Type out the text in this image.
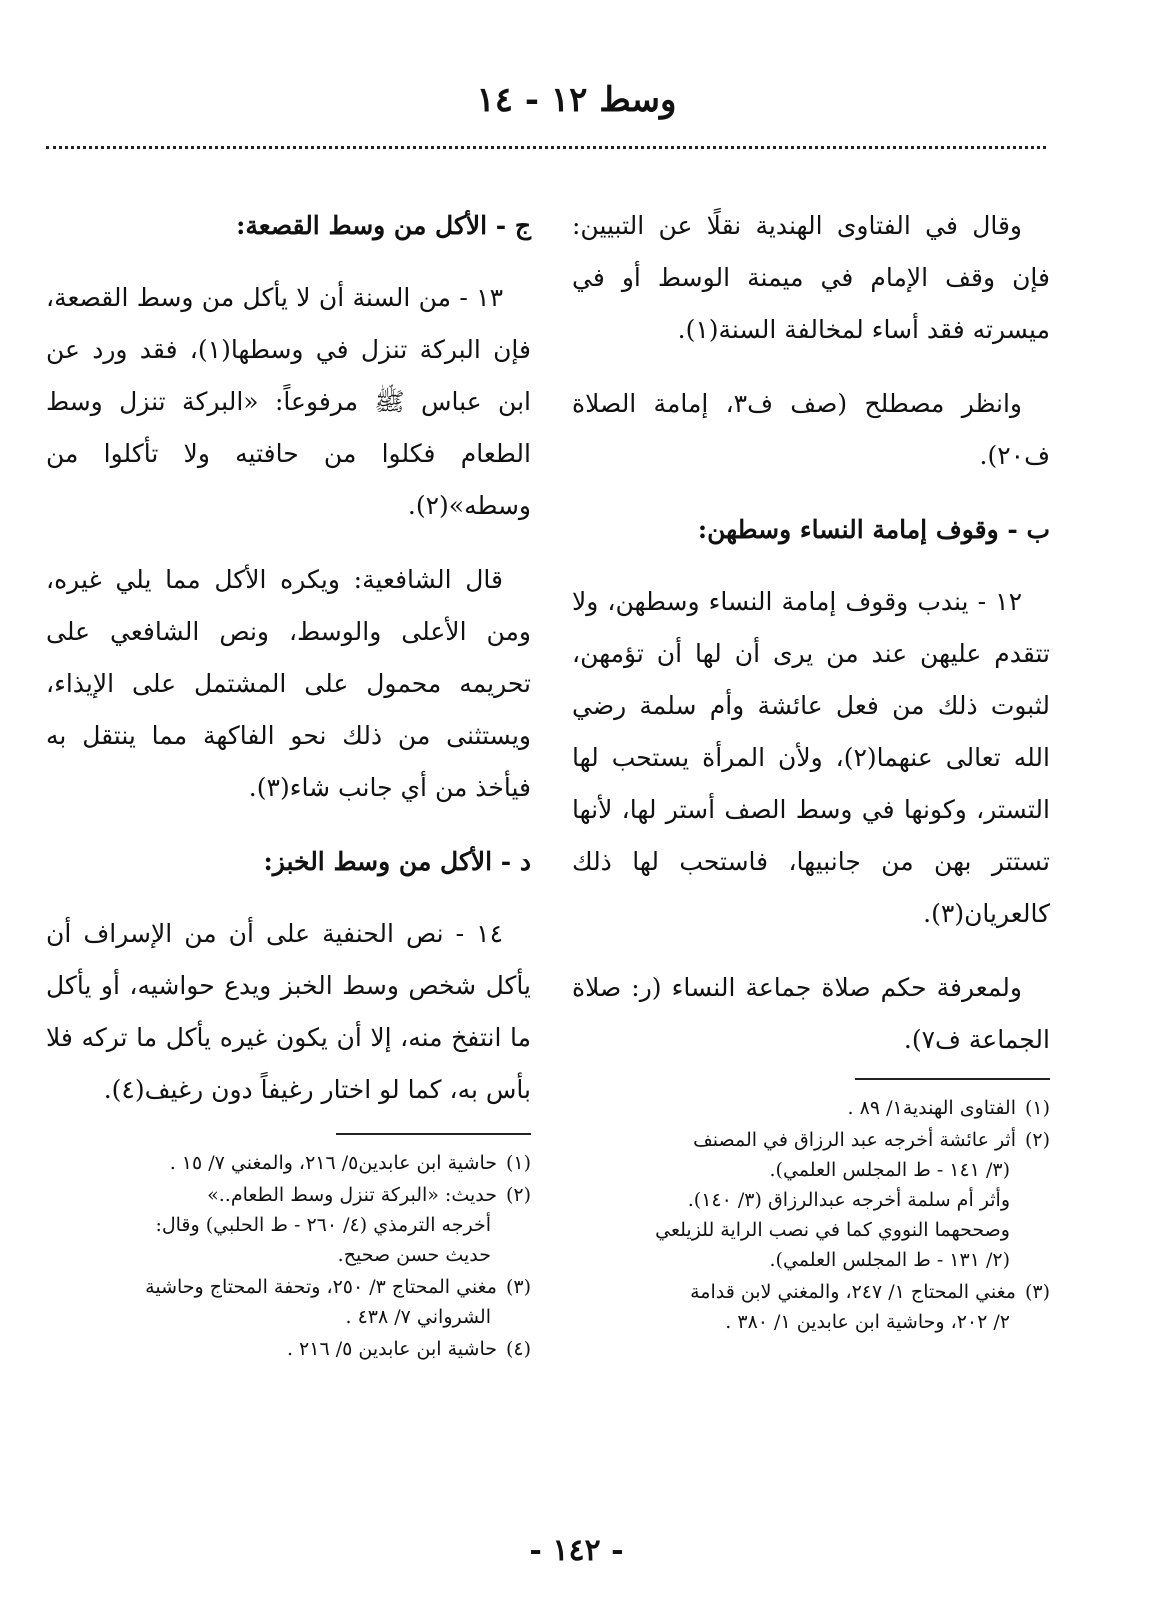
وسط ١٢ - ١٤

وقال في الفتاوى الهندية نقلًا عن التبيين: فإن وقف الإمام في ميمنة الوسط أو في ميسرته فقد أساء لمخالفة السنة(١).

وانظر مصطلح (صف ف٣، إمامة الصلاة ف٢٠).

ب - وقوف إمامة النساء وسطهن:

١٢ - يندب وقوف إمامة النساء وسطهن، ولا تتقدم عليهن عند من يرى أن لها أن تؤمهن، لثبوت ذلك من فعل عائشة وأم سلمة رضي الله تعالى عنهما(٢)، ولأن المرأة يستحب لها التستر، وكونها في وسط الصف أستر لها، لأنها تستتر بهن من جانبيها، فاستحب لها ذلك كالعريان(٣).

ولمعرفة حكم صلاة جماعة النساء (ر: صلاة الجماعة ف٧).

ج - الأكل من وسط القصعة:

١٣ - من السنة أن لا يأكل من وسط القصعة، فإن البركة تنزل في وسطها(١)، فقد ورد عن ابن عباس ﷺ مرفوعاً: «البركة تنزل وسط الطعام فكلوا من حافتيه ولا تأكلوا من وسطه»(٢).

قال الشافعية: ويكره الأكل مما يلي غيره، ومن الأعلى والوسط، ونص الشافعي على تحريمه محمول على المشتمل على الإيذاء، ويستثنى من ذلك نحو الفاكهة مما ينتقل به فيأخذ من أي جانب شاء(٣).

د - الأكل من وسط الخبز:

١٤ - نص الحنفية على أن من الإسراف أن يأكل شخص وسط الخبز ويدع حواشيه، أو يأكل ما انتفخ منه، إلا أن يكون غيره يأكل ما تركه فلا بأس به، كما لو اختار رغيفاً دون رغيف(٤).

(١)الفتاوى الهندية١/ ٨٩ .
(٢)أثر عائشة أخرجه عبد الرزاق في المصنف

(٣/ ١٤١ - ط المجلس العلمي).

وأثر أم سلمة أخرجه عبدالرزاق (٣/ ١٤٠).

وصححهما النووي كما في نصب الراية للزيلعي

(٢/ ١٣١ - ط المجلس العلمي).

(٣)مغني المحتاج ١/ ٢٤٧، والمغني لابن قدامة

٢/ ٢٠٢، وحاشية ابن عابدين ١/ ٣٨٠ .

(١)حاشية ابن عابدين٥/ ٢١٦، والمغني ٧/ ١٥ .
(٢)حديث: «البركة تنزل وسط الطعام..»

أخرجه الترمذي (٤/ ٢٦٠ - ط الحلبي) وقال:

حديث حسن صحيح.

(٣)مغني المحتاج ٣/ ٢٥٠، وتحفة المحتاج وحاشية

الشرواني ٧/ ٤٣٨ .

(٤)حاشية ابن عابدين ٥/ ٢١٦ .
- ١٤٢ -
